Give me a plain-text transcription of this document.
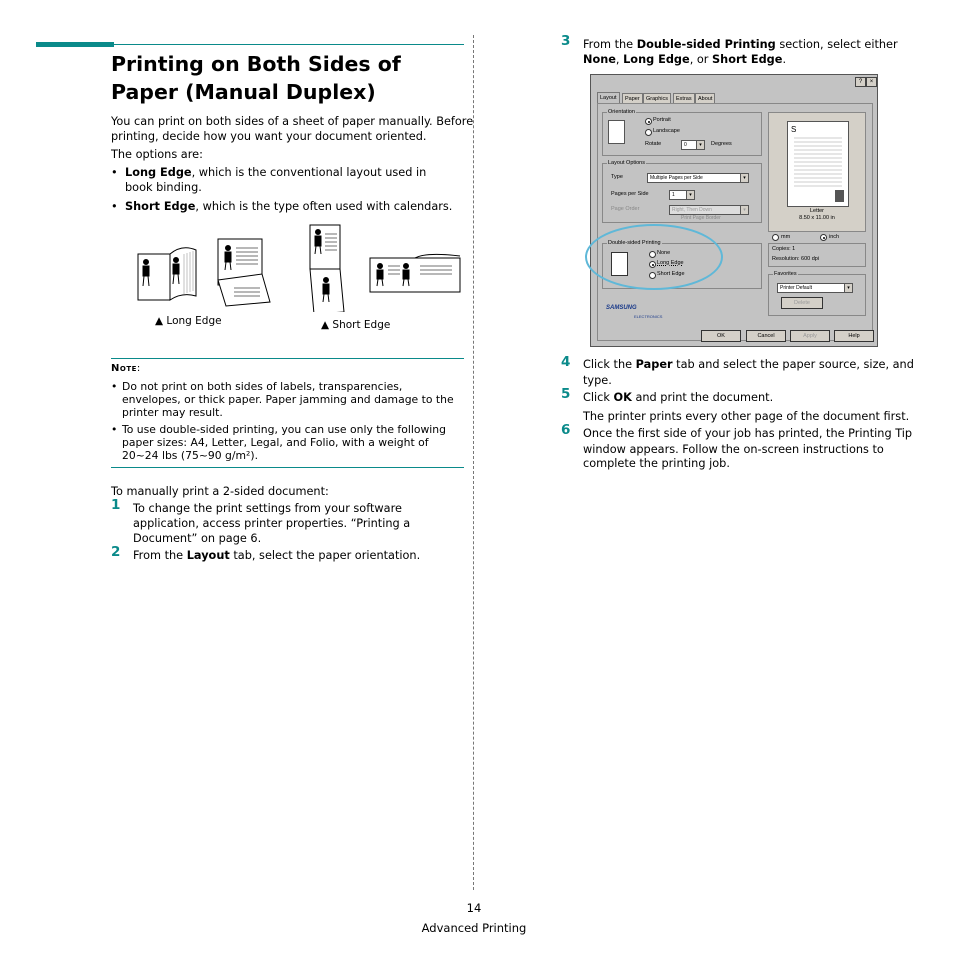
Printing on Both Sides of Paper (Manual Duplex)
You can print on both sides of a sheet of paper manually. Before
printing, decide how you want your document oriented.
The options are:
• Long Edge, which is the conventional layout used in
book binding.
• Short Edge, which is the type often used with calendars.
▲ Long Edge	▲ Short Edge
Note:
• Do not print on both sides of labels, transparencies,
envelopes, or thick paper. Paper jamming and damage to the
printer may result.
• To use double-sided printing, you can use only the following
paper sizes: A4, Letter, Legal, and Folio, with a weight of
20~24 lbs (75~90 g/m²).
To manually print a 2-sided document:
1 To change the print settings from your software
application, access printer properties. “Printing a
Document” on page 6.
2 From the Layout tab, select the paper orientation.
3 From the Double-sided Printing section, select either
None, Long Edge, or Short Edge.
?	×
Layout	Paper	Graphics	Extras	About
Orientation
Portrait
Landscape
Rotate	0	▾	Degrees
Layout Options
Type	Multiple Pages per Side	▾
Pages per Side	1	▾
Page Order	Right, Then Down	▾
Print Page Border
Double-sided Printing
None
Long Edge
Short Edge
SAMSUNG
ELECTRONICS
S
Letter
8.50 x 11.00 in
mm	inch
Copies: 1
Resolution: 600 dpi
Favorites
Printer Default	▾
Delete
OK	Cancel	Apply	Help
4 Click the Paper tab and select the paper source, size, and
type.
5 Click OK and print the document.
The printer prints every other page of the document first.
6 Once the first side of your job has printed, the Printing Tip
window appears. Follow the on-screen instructions to
complete the printing job.
14
Advanced Printing
